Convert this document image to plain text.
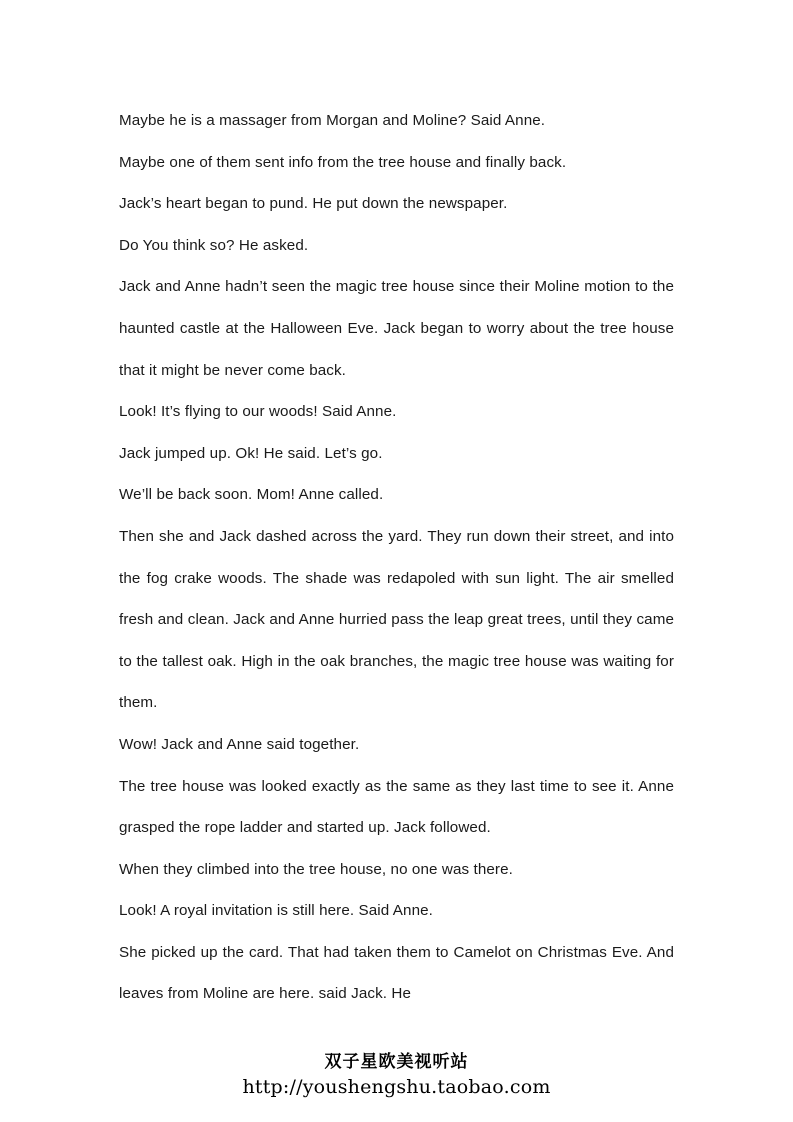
Maybe he is a massager from Morgan and Moline? Said Anne.

Maybe one of them sent info from the tree house and finally back.

Jack’s heart began to pund. He put down the newspaper.

Do You think so? He asked.

Jack and Anne hadn’t seen the magic tree house since their Moline motion to the haunted castle at the Halloween Eve. Jack began to worry about the tree house that it might be never come back.

Look! It’s flying to our woods! Said Anne.

Jack jumped up. Ok! He said. Let’s go.

We’ll be back soon. Mom! Anne called.

Then she and Jack dashed across the yard. They run down their street, and into the fog crake woods. The shade was redapoled with sun light. The air smelled fresh and clean. Jack and Anne hurried pass the leap great trees, until they came to the tallest oak. High in the oak branches, the magic tree house was waiting for them.

Wow! Jack and Anne said together.

The tree house was looked exactly as the same as they last time to see it. Anne grasped the rope ladder and started up. Jack followed.

When they climbed into the tree house, no one was there.

Look! A royal invitation is still here. Said Anne.

She picked up the card. That had taken them to Camelot on Christmas Eve. And leaves from Moline are here. said Jack. He

双子星欧美视听站
http://youshengshu.taobao.com
